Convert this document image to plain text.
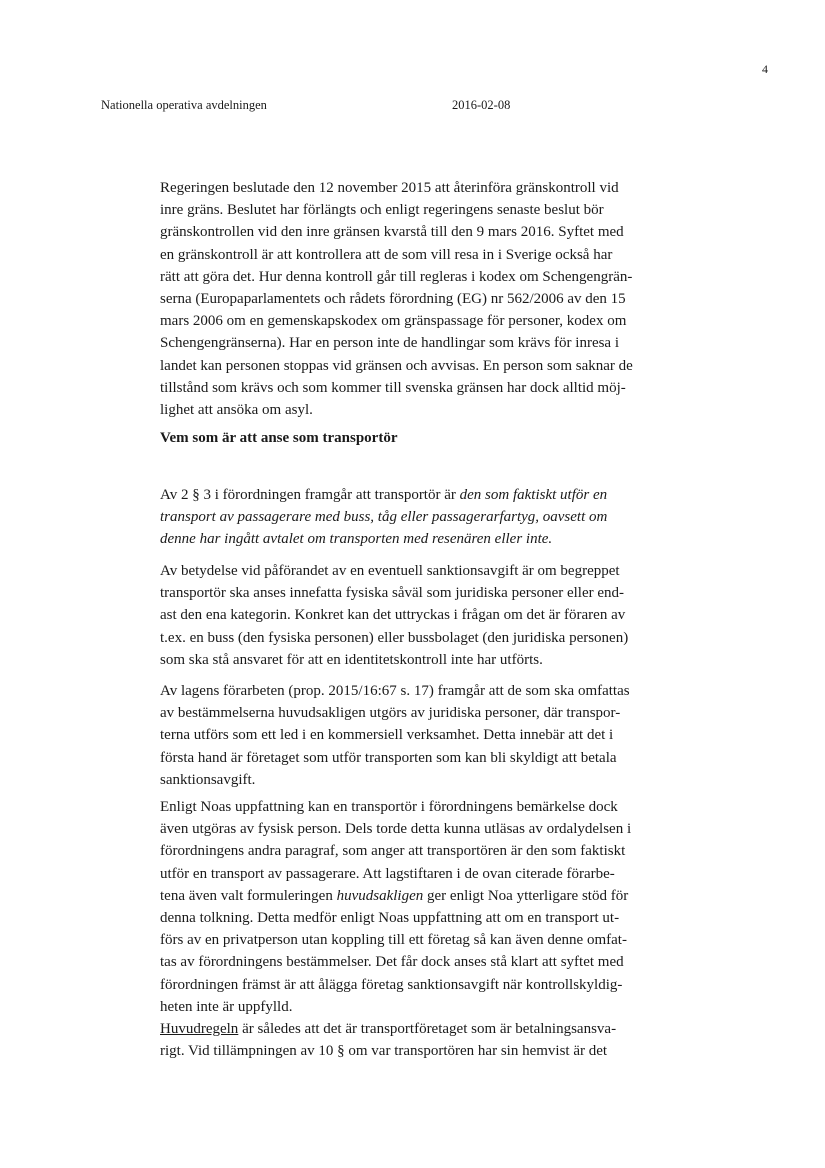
4
Nationella operativa avdelningen	2016-02-08
Regeringen beslutade den 12 november 2015 att återinföra gränskontroll vid
inre gräns. Beslutet har förlängts och enligt regeringens senaste beslut bör
gränskontrollen vid den inre gränsen kvarstå till den 9 mars 2016. Syftet med
en gränskontroll är att kontrollera att de som vill resa in i Sverige också har
rätt att göra det. Hur denna kontroll går till regleras i kodex om Schengengrän-
serna (Europaparlamentets och rådets förordning (EG) nr 562/2006 av den 15
mars 2006 om en gemenskapskodex om gränspassage för personer, kodex om
Schengengränserna). Har en person inte de handlingar som krävs för inresa i
landet kan personen stoppas vid gränsen och avvisas. En person som saknar de
tillstånd som krävs och som kommer till svenska gränsen har dock alltid möj-
lighet att ansöka om asyl.
Vem som är att anse som transportör
Av 2 § 3 i förordningen framgår att transportör är den som faktiskt utför en
transport av passagerare med buss, tåg eller passagerarfartyg, oavsett om
denne har ingått avtalet om transporten med resenären eller inte.
Av betydelse vid påförandet av en eventuell sanktionsavgift är om begreppet
transportör ska anses innefatta fysiska såväl som juridiska personer eller end-
ast den ena kategorin. Konkret kan det uttryckas i frågan om det är föraren av
t.ex. en buss (den fysiska personen) eller bussbolaget (den juridiska personen)
som ska stå ansvaret för att en identitetskontroll inte har utförts.
Av lagens förarbeten (prop. 2015/16:67 s. 17) framgår att de som ska omfattas
av bestämmelserna huvudsakligen utgörs av juridiska personer, där transpor-
terna utförs som ett led i en kommersiell verksamhet. Detta innebär att det i
första hand är företaget som utför transporten som kan bli skyldigt att betala
sanktionsavgift.
Enligt Noas uppfattning kan en transportör i förordningens bemärkelse dock
även utgöras av fysisk person. Dels torde detta kunna utläsas av ordalydelsen i
förordningens andra paragraf, som anger att transportören är den som faktiskt
utför en transport av passagerare. Att lagstiftaren i de ovan citerade förarbe-
tena även valt formuleringen huvudsakligen ger enligt Noa ytterligare stöd för
denna tolkning. Detta medför enligt Noas uppfattning att om en transport ut-
förs av en privatperson utan koppling till ett företag så kan även denne omfat-
tas av förordningens bestämmelser. Det får dock anses stå klart att syftet med
förordningen främst är att ålägga företag sanktionsavgift när kontrollskyldig-
heten inte är uppfylld.
Huvudregeln är således att det är transportföretaget som är betalningsansva-
rigt. Vid tillämpningen av 10 § om var transportören har sin hemvist är det
